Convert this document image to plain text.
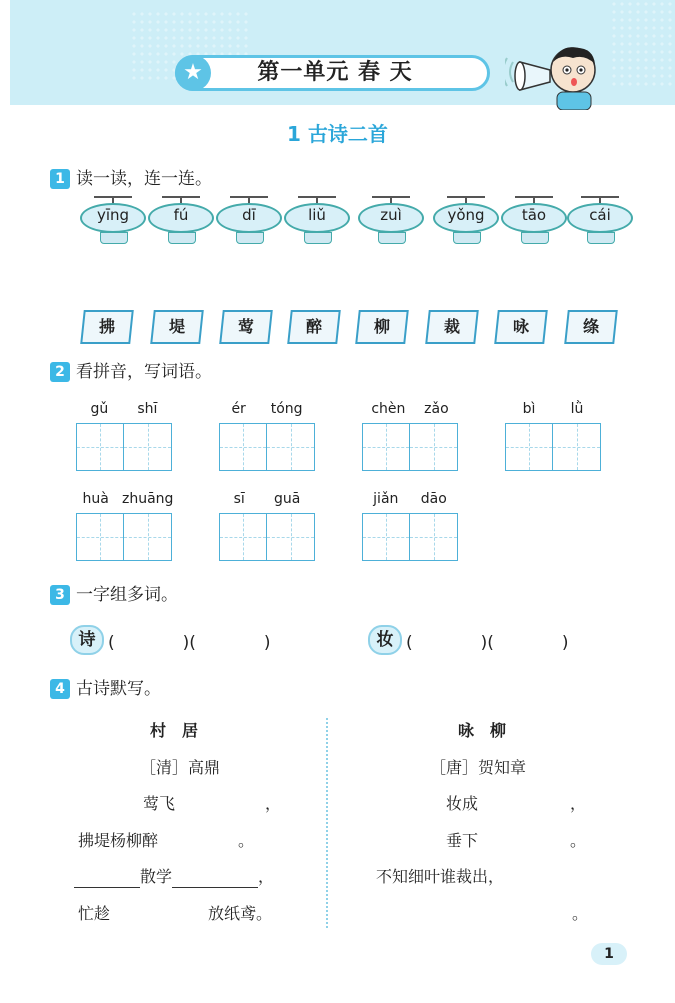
★	第一单元 春 天
1 古诗二首
1 读一读，连一连。
yīng	fú	dī	liǔ	zuì	yǒng	tāo	cái
拂	堤	莺	醉	柳	裁	咏	绦
2 看拼音，写词语。
gǔ shī	ér tóng	chèn zǎo	bì	lǜ
huà zhuāng	sī guā	jiǎn dāo
3 一字组多词。
诗 (　　　　)(　　　　)	妆 (　　　　)(　　　　)
4 古诗默写。
村　居
［清］高鼎
莺飞	，
拂堤杨柳醉	。
散学	，
忙趁	放纸鸢。
咏　柳
［唐］贺知章
妆成	，
垂下	。
不知细叶谁裁出，
。
1
